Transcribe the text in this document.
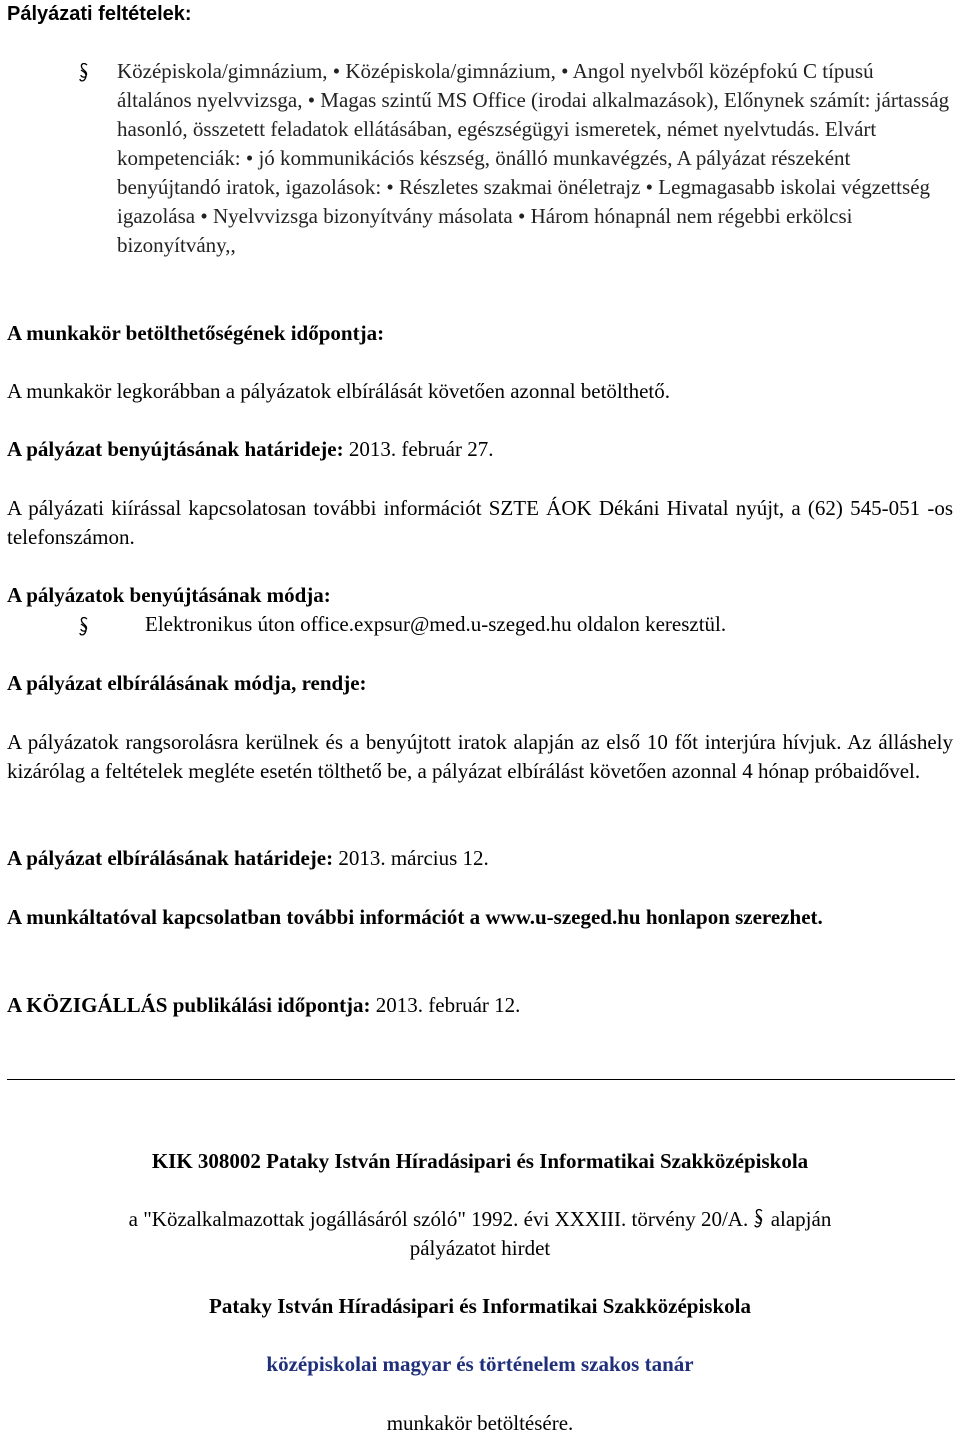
Pályázati feltételek:
Középiskola/gimnázium, • Középiskola/gimnázium, • Angol nyelvből középfokú C típusú általános nyelvvizsga, • Magas szintű MS Office (irodai alkalmazások), Előnynek számít: jártasság hasonló, összetett feladatok ellátásában, egészségügyi ismeretek, német nyelvtudás. Elvárt kompetenciák: • jó kommunikációs készség, önálló munkavégzés, A pályázat részeként benyújtandó iratok, igazolások: • Részletes szakmai önéletrajz • Legmagasabb iskolai végzettség igazolása • Nyelvvizsga bizonyítvány másolata • Három hónapnál nem régebbi erkölcsi bizonyítvány,,
A munkakör betölthetőségének időpontja:
A munkakör legkorábban a pályázatok elbírálását követően azonnal betölthető.
A pályázat benyújtásának határideje: 2013. február 27.
A pályázati kiírással kapcsolatosan további információt SZTE ÁOK Dékáni Hivatal nyújt, a (62) 545-051 -os telefonszámon.
A pályázatok benyújtásának módja:
Elektronikus úton office.expsur@med.u-szeged.hu oldalon keresztül.
A pályázat elbírálásának módja, rendje:
A pályázatok rangsorolásra kerülnek és a benyújtott iratok alapján az első 10 főt interjúra hívjuk. Az álláshely kizárólag a feltételek megléte esetén tölthető be, a pályázat elbírálást követően azonnal 4 hónap próbaidővel.
A pályázat elbírálásának határideje: 2013. március 12.
A munkáltatóval kapcsolatban további információt a www.u-szeged.hu honlapon szerezhet.
A KÖZIGÁLLÁS publikálási időpontja: 2013. február 12.
KIK 308002 Pataky István Híradásipari és Informatikai Szakközépiskola
a "Közalkalmazottak jogállásáról szóló" 1992. évi XXXIII. törvény 20/A.  alapján
pályázatot hirdet
Pataky István Híradásipari és Informatikai Szakközépiskola
középiskolai magyar és történelem szakos tanár
munkakör betöltésére.
